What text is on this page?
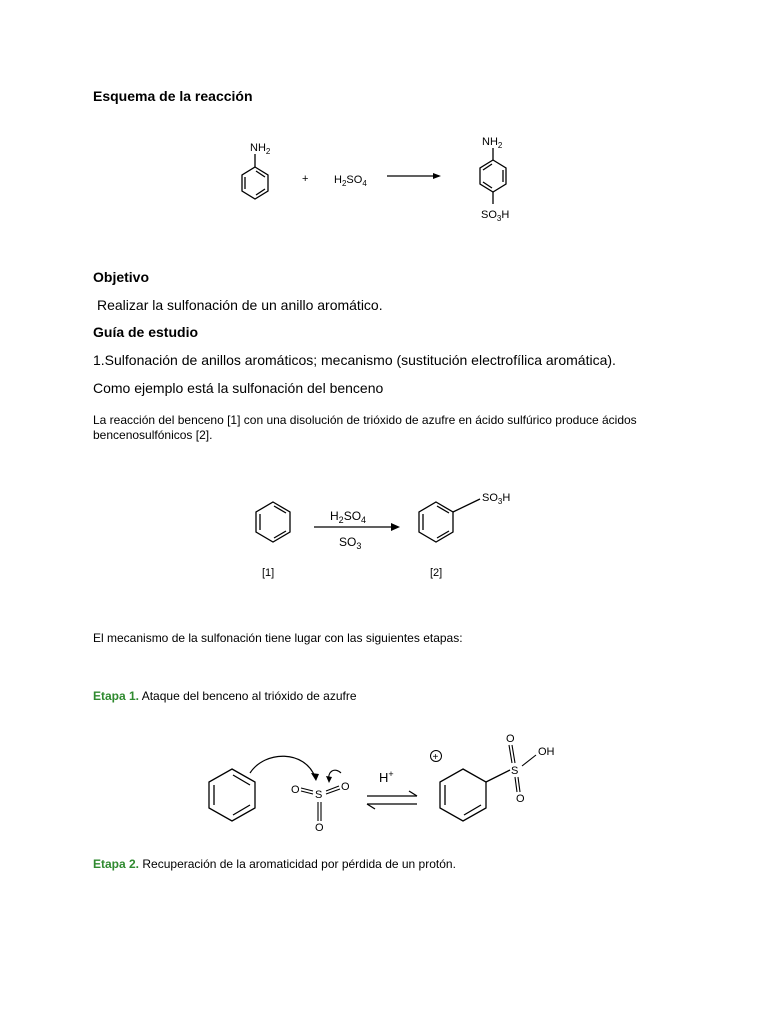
Esquema de la reacción
$NH_2$
+ $H_2SO_4$
$NH_2$
$SO_3H$
Objetivo
Realizar la sulfonación de un anillo aromático.
Guía de estudio
1.Sulfonación de anillos aromáticos; mecanismo (sustitución electrofílica aromática).
Como ejemplo está la sulfonación del benceno
La reacción del benceno [1] con una disolución de trióxido de azufre en ácido sulfúrico produce ácidos bencenosulfónicos [2].
[1]
$H_2SO_4$
$SO_3$
$SO_3H$
[2]
El mecanismo de la sulfonación tiene lugar con las siguientes etapas:
Etapa 1. Ataque del benceno al trióxido de azufre
O S
O
O
H+
+
O
S
OH
O
Etapa 2. Recuperación de la aromaticidad por pérdida de un protón.
